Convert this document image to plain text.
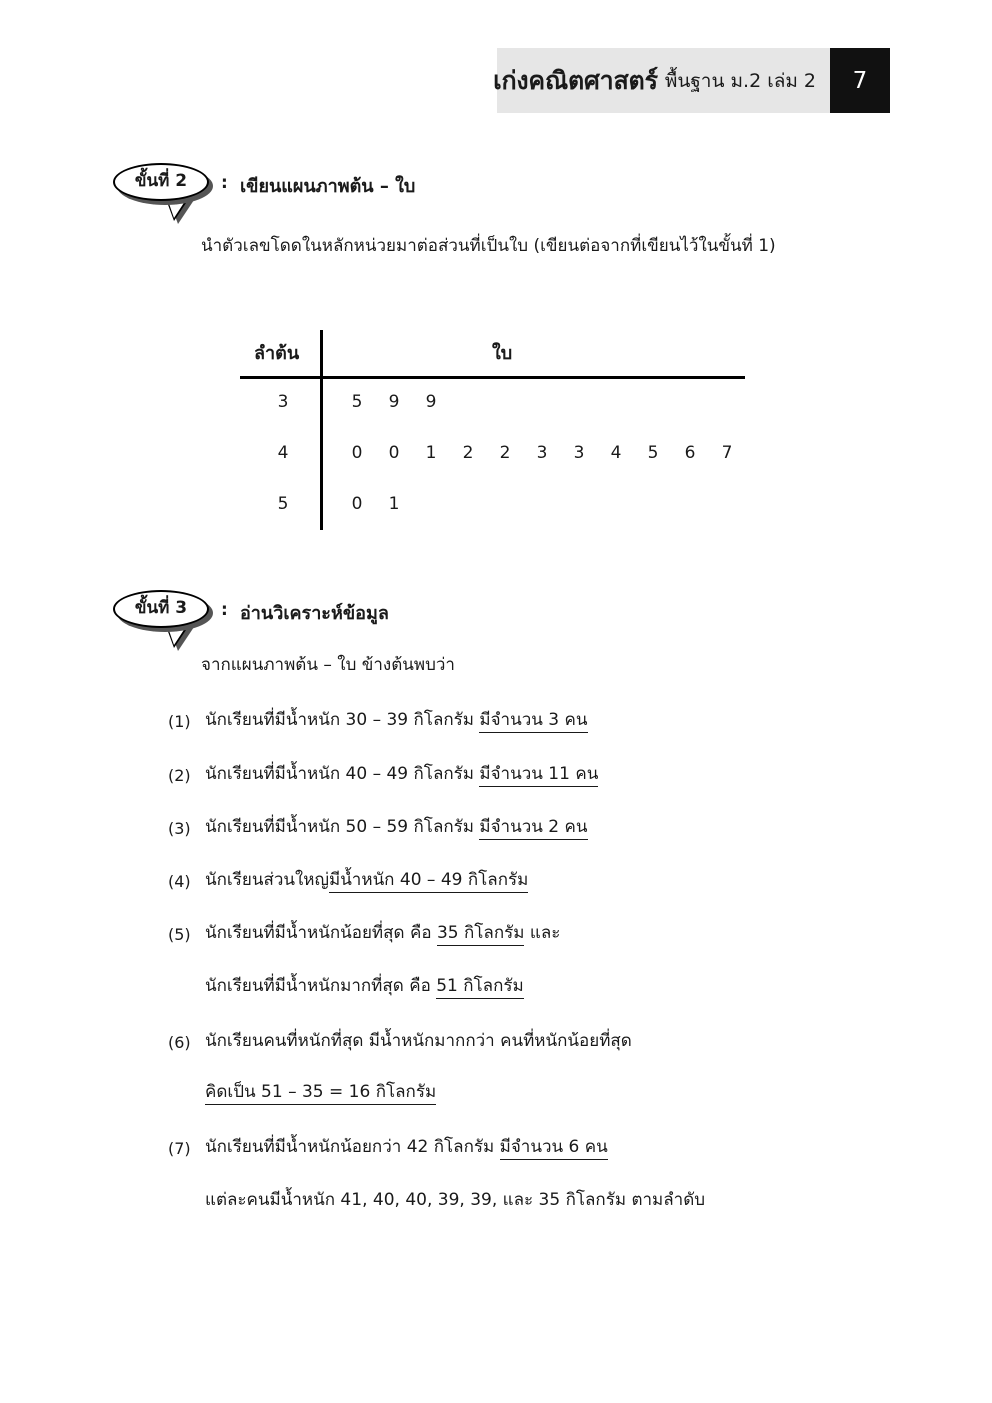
เก่งคณิตศาสตร์ พื้นฐาน ม.2 เล่ม 2 7
ขั้นที่ 2 : เขียนแผนภาพต้น – ใบ
นำตัวเลขโดดในหลักหน่วยมาต่อส่วนที่เป็นใบ (เขียนต่อจากที่เขียนไว้ในขั้นที่ 1)
ลำต้น	ใบ
3	5 9 9
4	0 0 1 2 2 3 3 4 5 6 7
5	0 1
ขั้นที่ 3 : อ่านวิเคราะห์ข้อมูล
จากแผนภาพต้น – ใบ ข้างต้นพบว่า
(1) นักเรียนที่มีน้ำหนัก 30 – 39 กิโลกรัม มีจำนวน 3 คน
(2) นักเรียนที่มีน้ำหนัก 40 – 49 กิโลกรัม มีจำนวน 11 คน
(3) นักเรียนที่มีน้ำหนัก 50 – 59 กิโลกรัม มีจำนวน 2 คน
(4) นักเรียนส่วนใหญ่มีน้ำหนัก 40 – 49 กิโลกรัม
(5) นักเรียนที่มีน้ำหนักน้อยที่สุด คือ 35 กิโลกรัม และ
นักเรียนที่มีน้ำหนักมากที่สุด คือ 51 กิโลกรัม
(6) นักเรียนคนที่หนักที่สุด มีน้ำหนักมากกว่า คนที่หนักน้อยที่สุด
คิดเป็น 51 – 35 = 16 กิโลกรัม
(7) นักเรียนที่มีน้ำหนักน้อยกว่า 42 กิโลกรัม มีจำนวน 6 คน
แต่ละคนมีน้ำหนัก 41, 40, 40, 39, 39, และ 35 กิโลกรัม ตามลำดับ
